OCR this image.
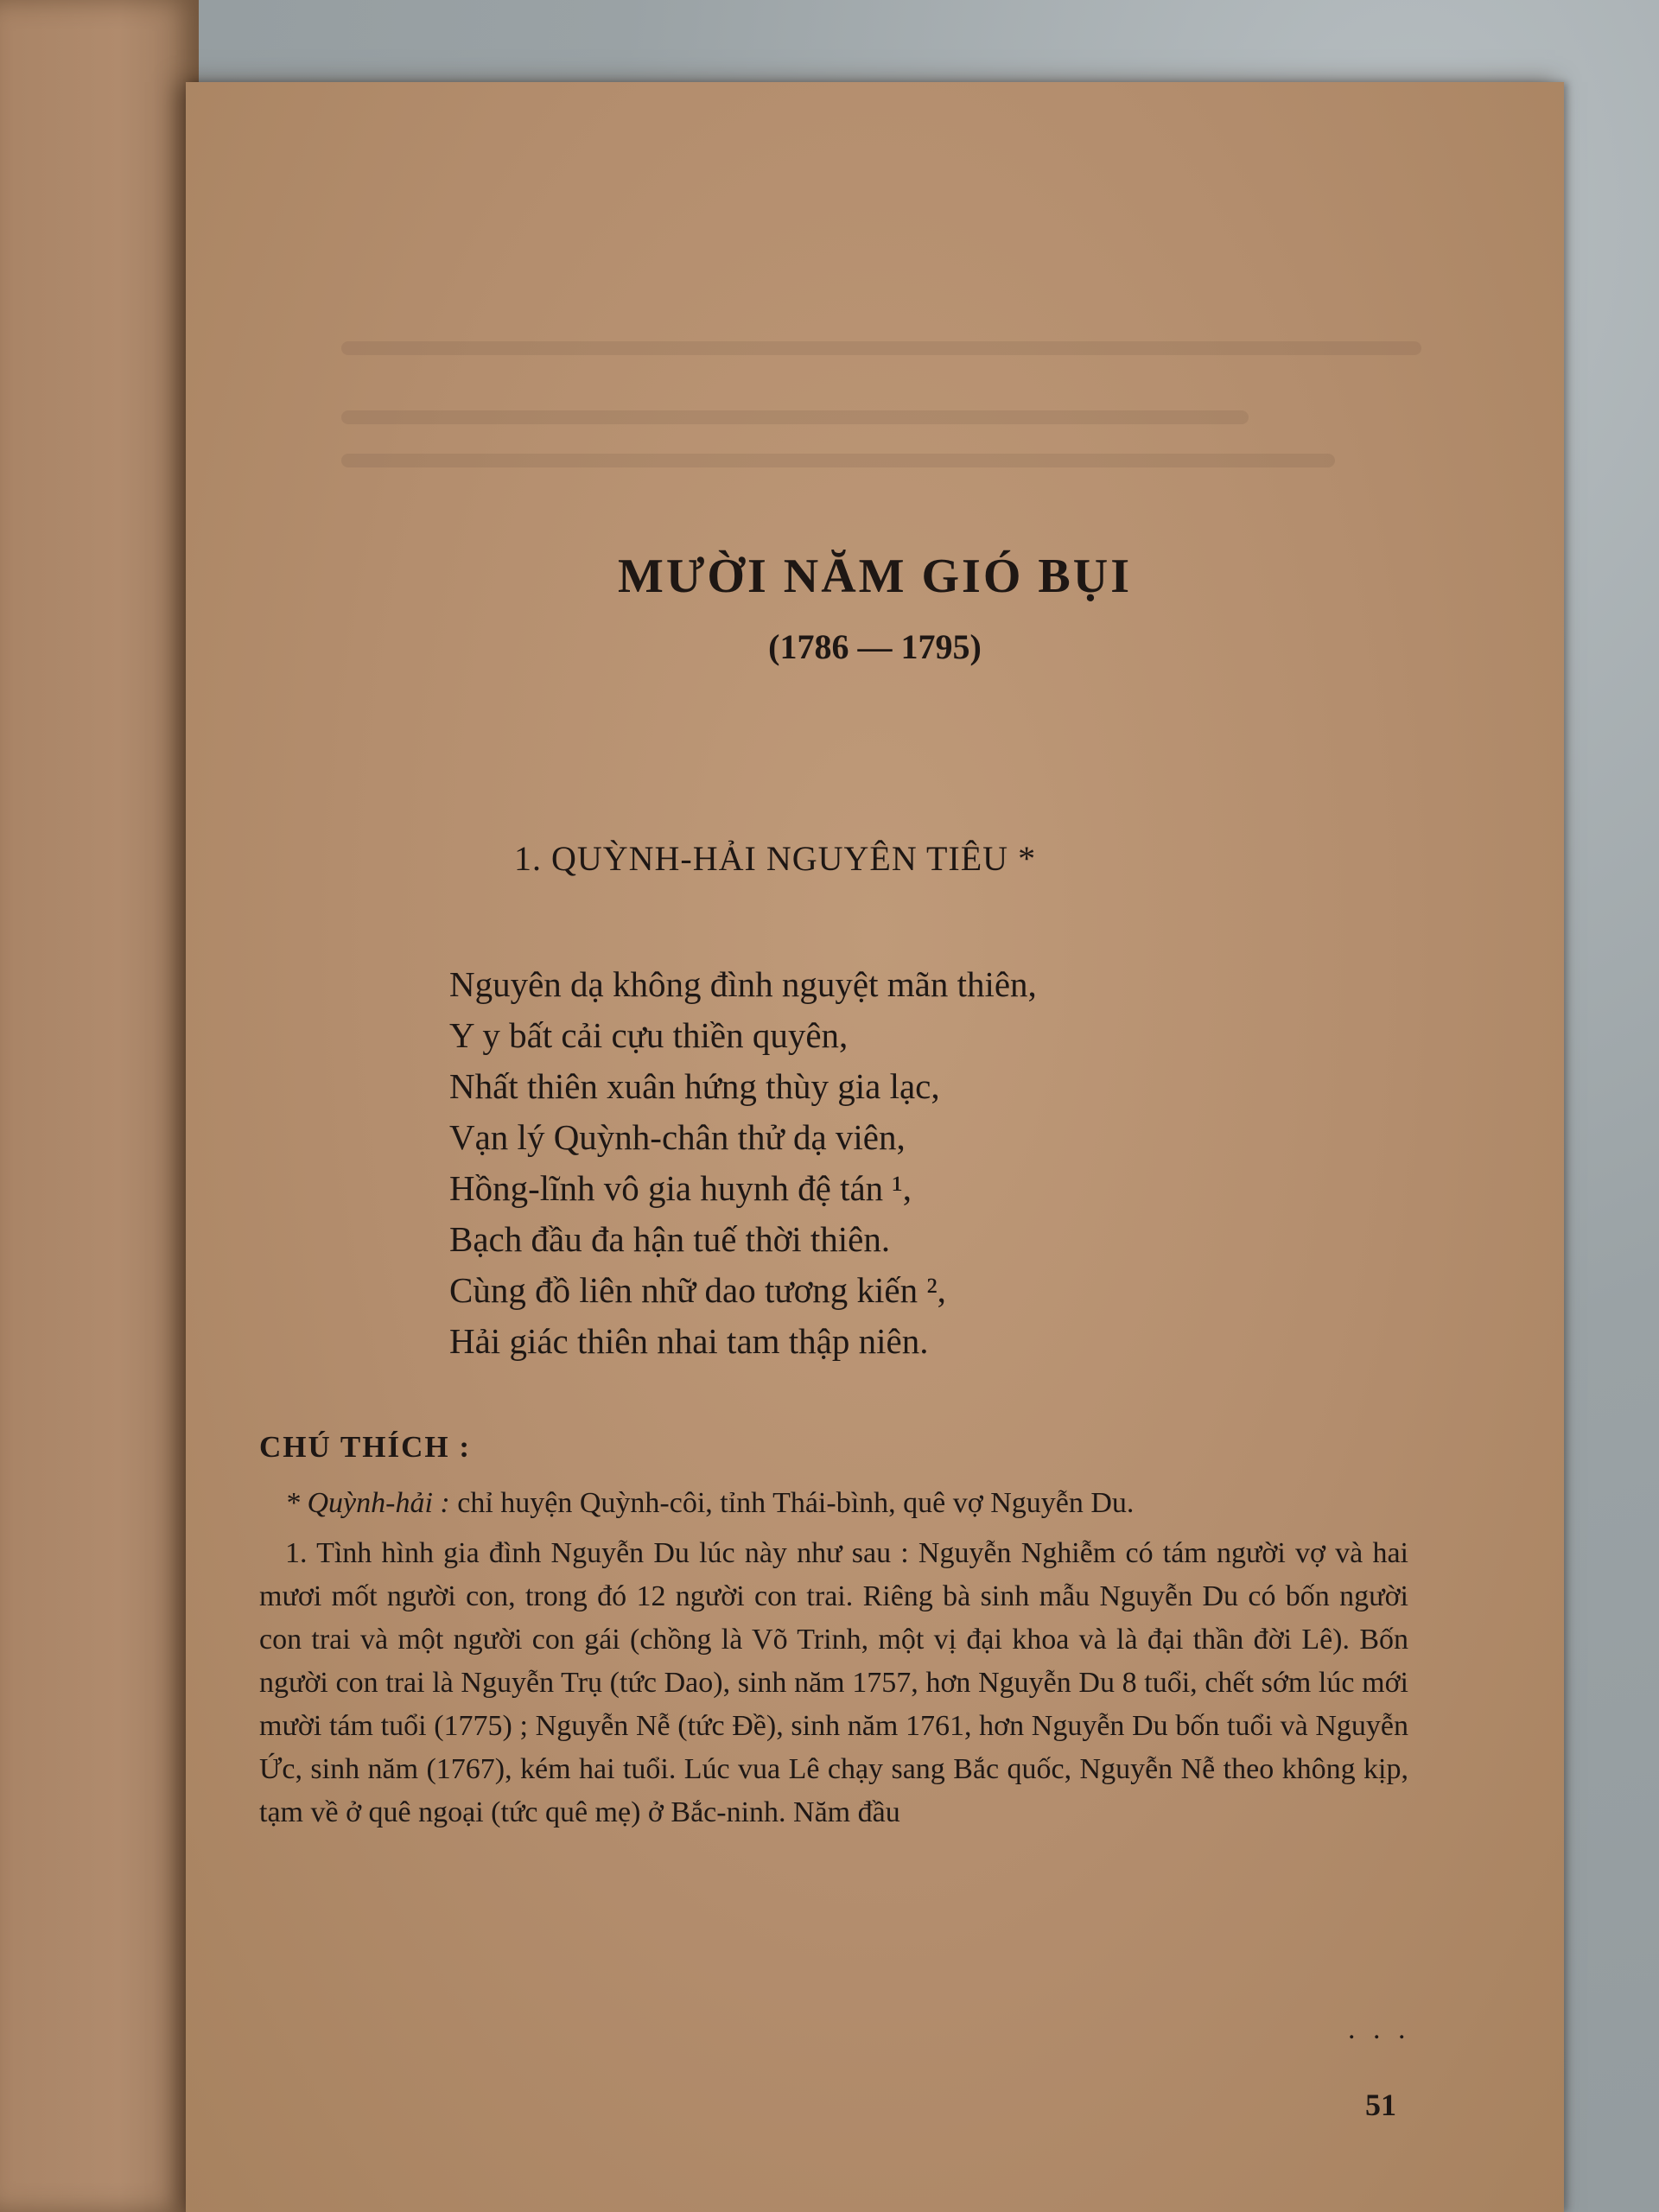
MƯỜI NĂM GIÓ BỤI
(1786 — 1795)
1. QUỲNH-HẢI NGUYÊN TIÊU *
Nguyên dạ không đình nguyệt mãn thiên,
Y y bất cải cựu thiền quyên,
Nhất thiên xuân hứng thùy gia lạc,
Vạn lý Quỳnh-chân thử dạ viên,
Hồng-lĩnh vô gia huynh đệ tán ¹,
Bạch đầu đa hận tuế thời thiên.
Cùng đồ liên nhữ dao tương kiến ²,
Hải giác thiên nhai tam thập niên.
CHÚ THÍCH :

* Quỳnh-hải : chỉ huyện Quỳnh-côi, tỉnh Thái-bình, quê vợ Nguyễn Du.

1. Tình hình gia đình Nguyễn Du lúc này như sau : Nguyễn Nghiễm có tám người vợ và hai mươi mốt người con, trong đó 12 người con trai. Riêng bà sinh mẫu Nguyễn Du có bốn người con trai và một người con gái (chồng là Võ Trinh, một vị đại khoa và là đại thần đời Lê). Bốn người con trai là Nguyễn Trụ (tức Dao), sinh năm 1757, hơn Nguyễn Du 8 tuổi, chết sớm lúc mới mười tám tuổi (1775) ; Nguyễn Nễ (tức Đề), sinh năm 1761, hơn Nguyễn Du bốn tuổi và Nguyễn Ức, sinh năm (1767), kém hai tuổi. Lúc vua Lê chạy sang Bắc quốc, Nguyễn Nễ theo không kịp, tạm về ở quê ngoại (tức quê mẹ) ở Bắc-ninh. Năm đầu

. . .
51
